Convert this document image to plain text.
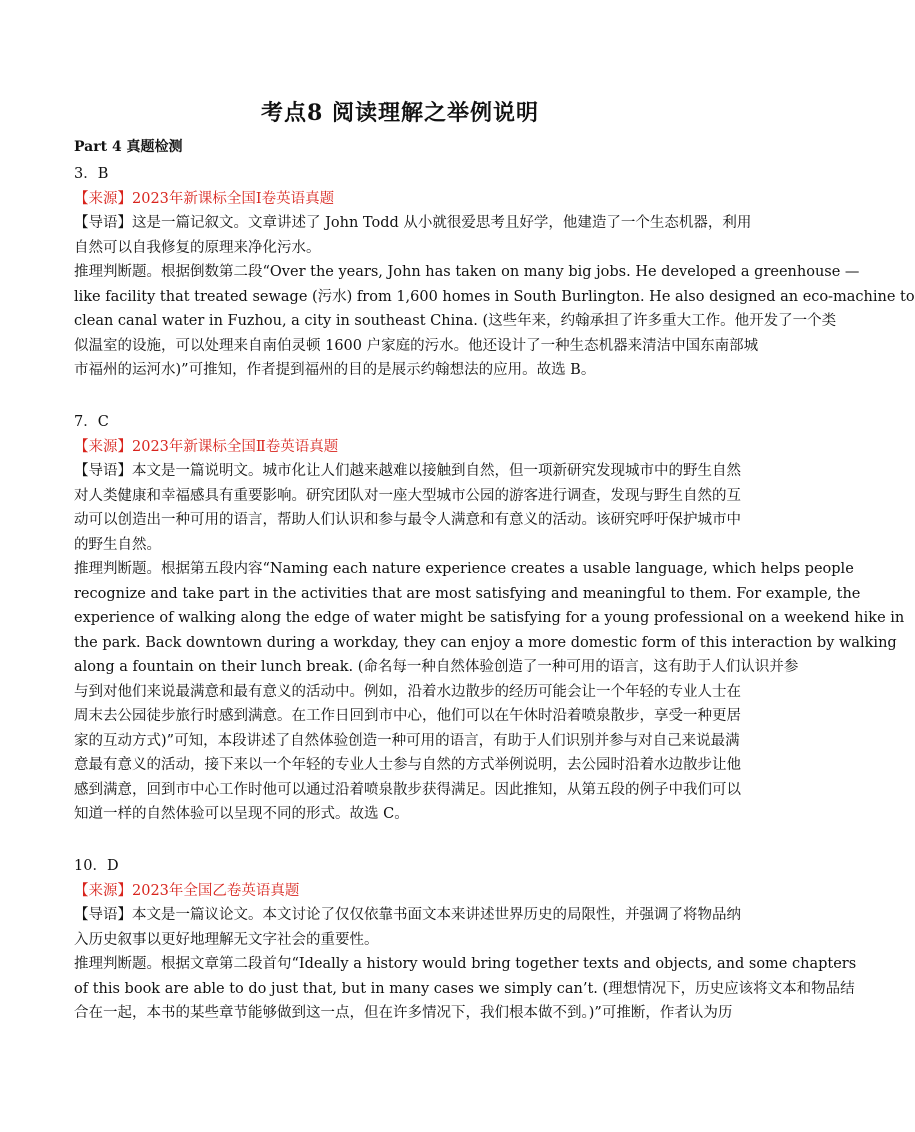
考点8 阅读理解之举例说明
Part 4 真题检测
3．B
【来源】2023年新课标全国Ⅰ卷英语真题
【导语】这是一篇记叙文。文章讲述了 John Todd 从小就很爱思考且好学，他建造了一个生态机器，利用
自然可以自我修复的原理来净化污水。
推理判断题。根据倒数第二段“Over the years, John has taken on many big jobs. He developed a greenhouse —
like facility that treated sewage (污水) from 1,600 homes in South Burlington. He also designed an eco-machine to
clean canal water in Fuzhou, a city in southeast China. (这些年来，约翰承担了许多重大工作。他开发了一个类
似温室的设施，可以处理来自南伯灵顿 1600 户家庭的污水。他还设计了一种生态机器来清洁中国东南部城
市福州的运河水)”可推知，作者提到福州的目的是展示约翰想法的应用。故选 B。
7．C
【来源】2023年新课标全国Ⅱ卷英语真题
【导语】本文是一篇说明文。城市化让人们越来越难以接触到自然，但一项新研究发现城市中的野生自然
对人类健康和幸福感具有重要影响。研究团队对一座大型城市公园的游客进行调查，发现与野生自然的互
动可以创造出一种可用的语言，帮助人们认识和参与最令人满意和有意义的活动。该研究呼吁保护城市中
的野生自然。
推理判断题。根据第五段内容“Naming each nature experience creates a usable language, which helps people
recognize and take part in the activities that are most satisfying and meaningful to them. For example, the
experience of walking along the edge of water might be satisfying for a young professional on a weekend hike in
the park. Back downtown during a workday, they can enjoy a more domestic form of this interaction by walking
along a fountain on their lunch break. (命名每一种自然体验创造了一种可用的语言，这有助于人们认识并参
与到对他们来说最满意和最有意义的活动中。例如，沿着水边散步的经历可能会让一个年轻的专业人士在
周末去公园徒步旅行时感到满意。在工作日回到市中心，他们可以在午休时沿着喷泉散步，享受一种更居
家的互动方式)”可知，本段讲述了自然体验创造一种可用的语言，有助于人们识别并参与对自己来说最满
意最有意义的活动，接下来以一个年轻的专业人士参与自然的方式举例说明，去公园时沿着水边散步让他
感到满意，回到市中心工作时他可以通过沿着喷泉散步获得满足。因此推知，从第五段的例子中我们可以
知道一样的自然体验可以呈现不同的形式。故选 C。
10．D
【来源】2023年全国乙卷英语真题
【导语】本文是一篇议论文。本文讨论了仅仅依靠书面文本来讲述世界历史的局限性，并强调了将物品纳
入历史叙事以更好地理解无文字社会的重要性。
推理判断题。根据文章第二段首句“Ideally a history would bring together texts and objects, and some chapters
of this book are able to do just that, but in many cases we simply can’t. (理想情况下，历史应该将文本和物品结
合在一起，本书的某些章节能够做到这一点，但在许多情况下，我们根本做不到。)”可推断，作者认为历
